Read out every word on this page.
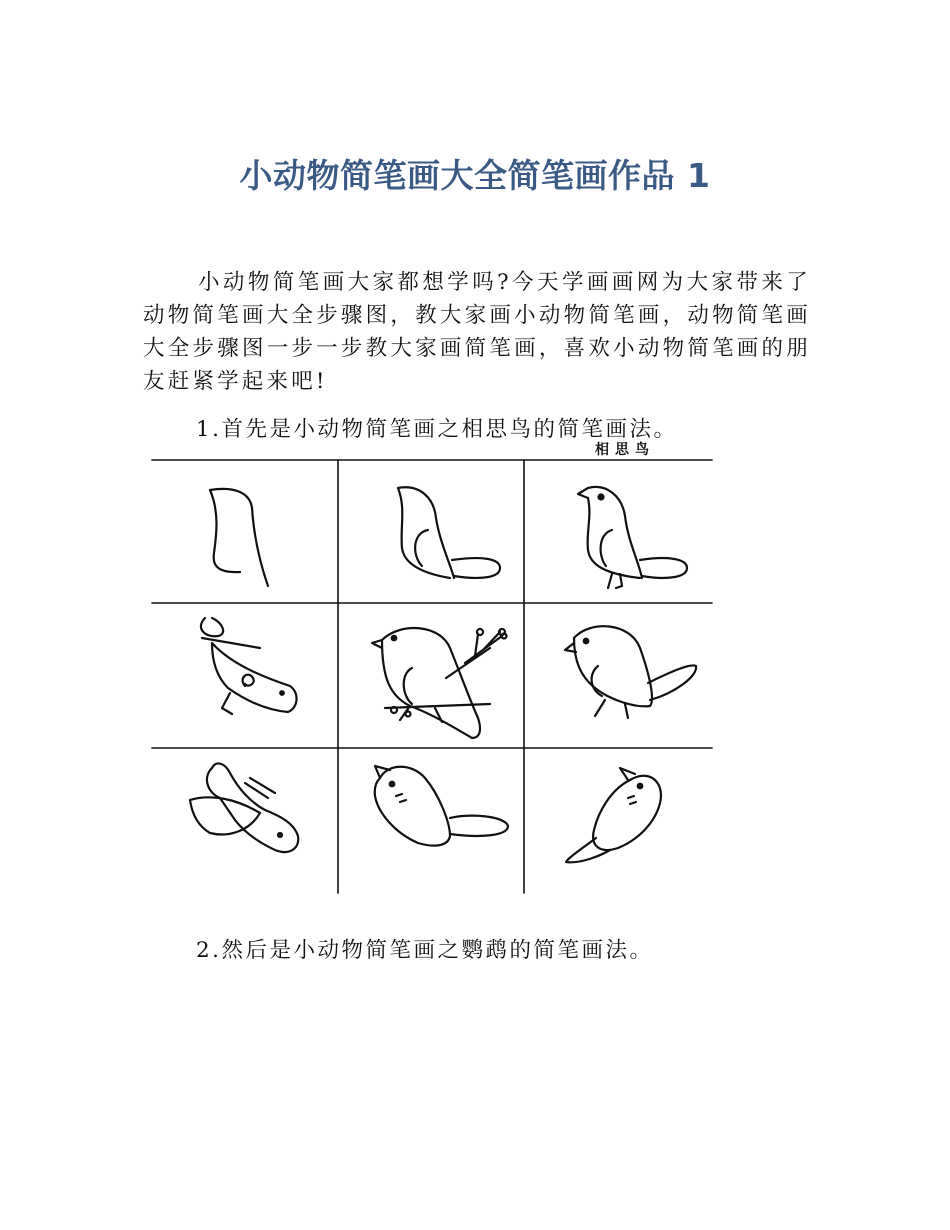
小动物简笔画大全简笔画作品 1

小动物简笔画大家都想学吗?今天学画画网为大家带来了动物简笔画大全步骤图，教大家画小动物简笔画，动物简笔画大全步骤图一步一步教大家画简笔画，喜欢小动物简笔画的朋友赶紧学起来吧!

1.首先是小动物简笔画之相思鸟的简笔画法。

相思鸟

2.然后是小动物简笔画之鹦鹉的简笔画法。
